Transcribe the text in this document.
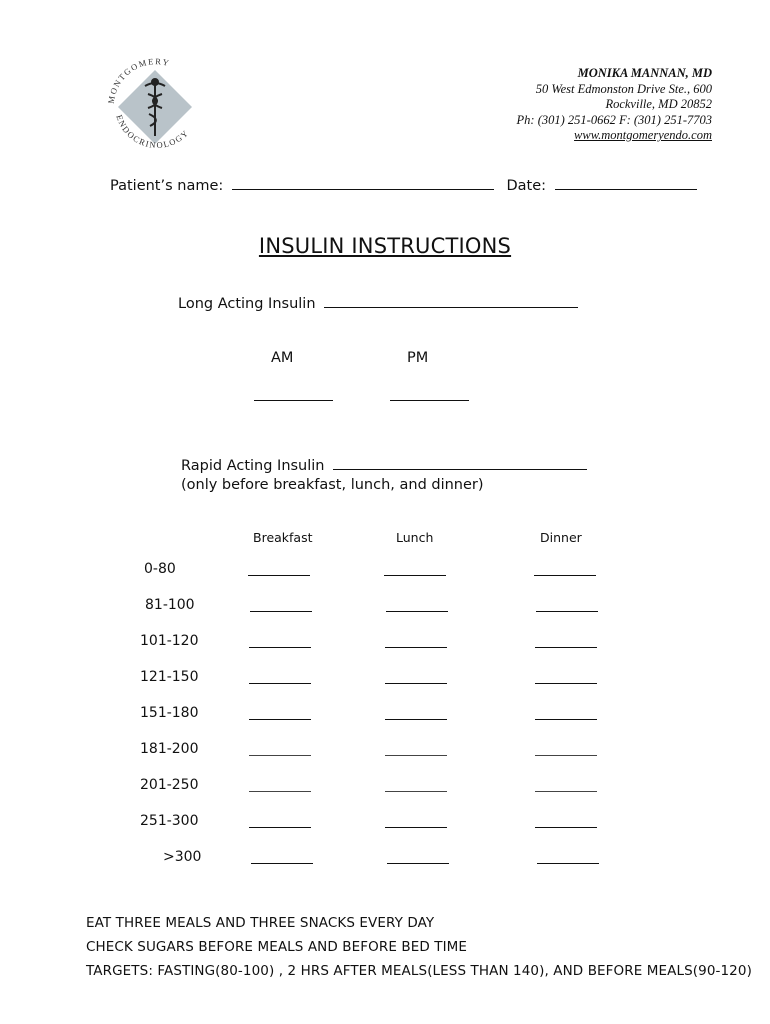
MONTGOMERY
ENDOCRINOLOGY
MONIKA MANNAN, MD
50 West Edmonston Drive Ste., 600
Rockville, MD 20852
Ph: (301) 251-0662 F: (301) 251-7703
www.montgomeryendo.com
Patient’s name:	Date:
INSULIN INSTRUCTIONS
Long Acting Insulin
AM	PM
Rapid Acting Insulin
(only before breakfast, lunch, and dinner)
Breakfast	Lunch	Dinner
0-80
81-100
101-120
121-150
151-180
181-200
201-250
251-300
>300
EAT THREE MEALS AND THREE SNACKS EVERY DAY
CHECK SUGARS BEFORE MEALS AND BEFORE BED TIME
TARGETS: FASTING(80-100) , 2 HRS AFTER MEALS(LESS THAN 140), AND BEFORE MEALS(90-120)
